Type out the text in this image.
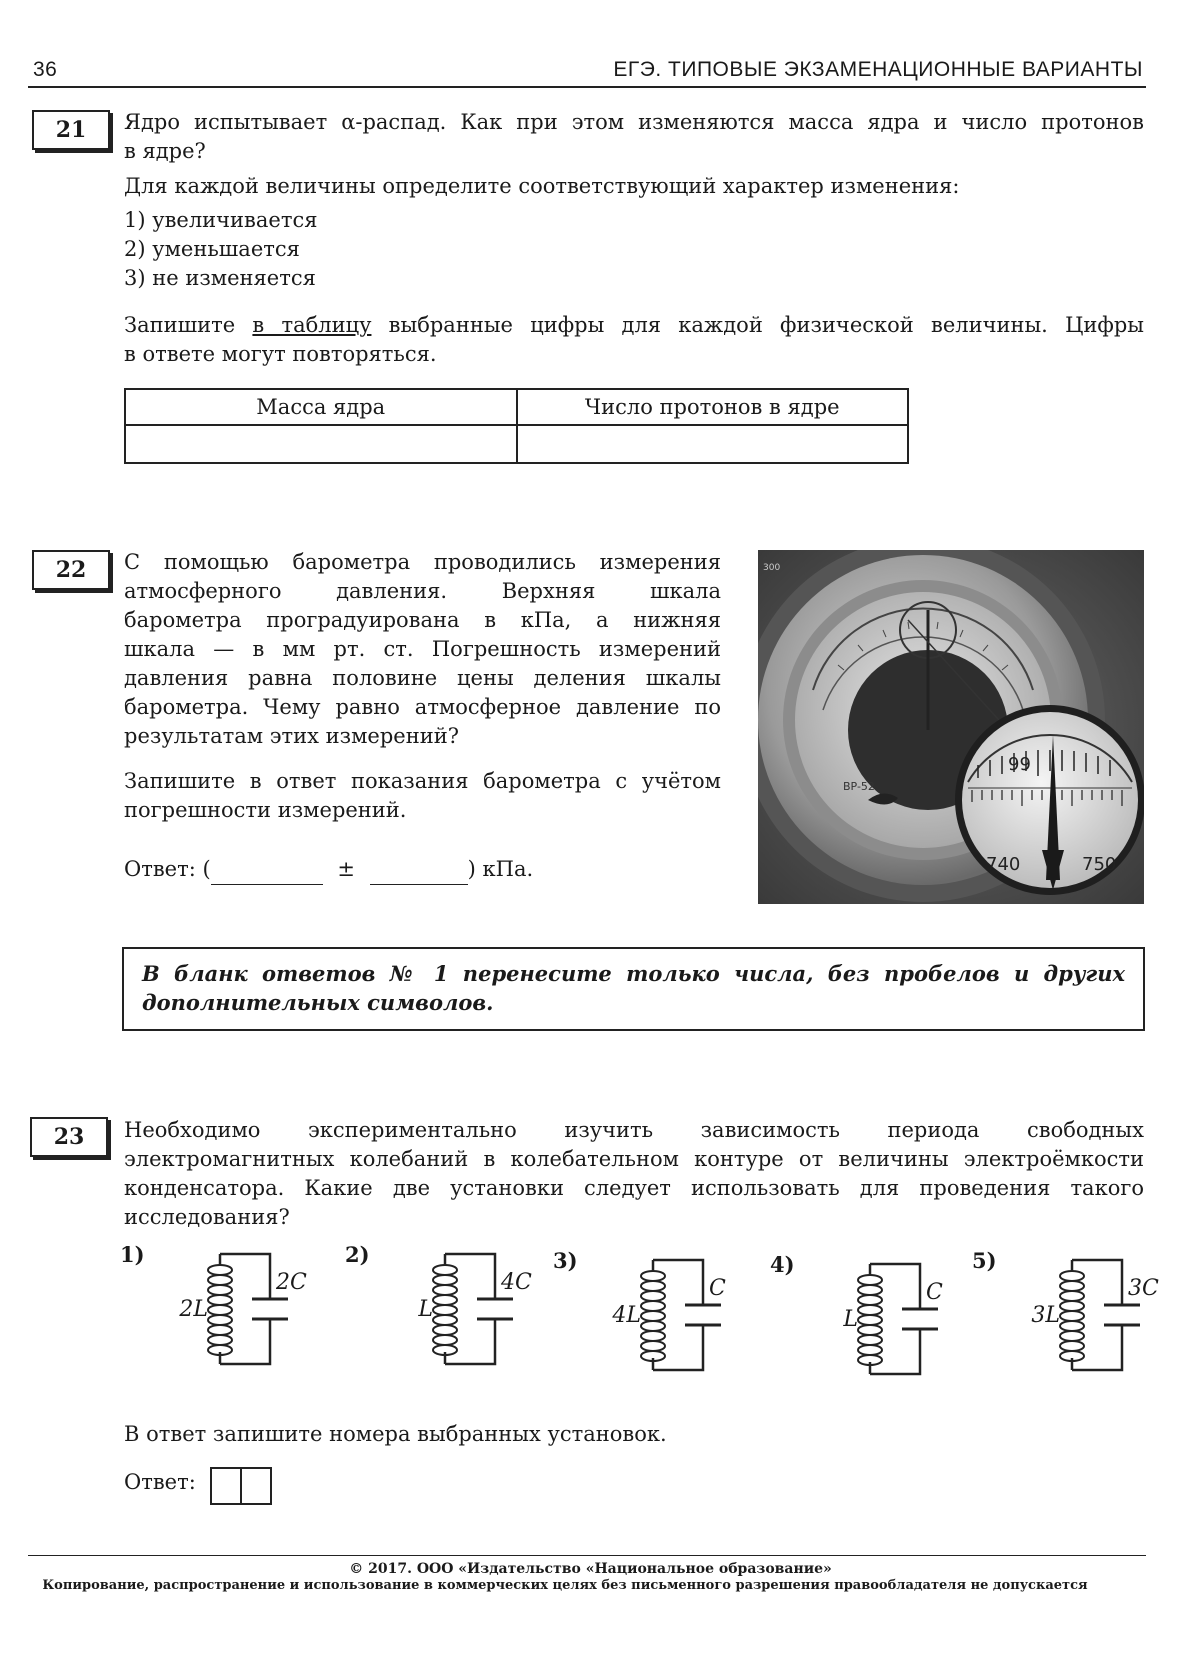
36	ЕГЭ. ТИПОВЫЕ ЭКЗАМЕНАЦИОННЫЕ ВАРИАНТЫ
21	Ядро испытывает α-распад. Как при этом изменяются масса ядра и число протонов
в ядре?
Для каждой величины определите соответствующий характер изменения:
1) увеличивается
2) уменьшается
3) не изменяется
Запишите в таблицу выбранные цифры для каждой физической величины. Цифры
в ответе могут повторяться.
Масса ядра	Число протонов в ядре

22	С помощью барометра проводились измерения
атмосферного давления. Верхняя шкала
барометра проградуирована в кПа, а нижняя
шкала — в мм рт. ст. Погрешность измерений
давления равна половине цены деления шкалы
барометра. Чему равно атмосферное давление по
результатам этих измерений?
Запишите в ответ показания барометра с учётом
погрешности измерений.
Ответ: (	±	) кПа.
BP-52
300
99
740	750
В бланк ответов № 1 перенесите только числа, без пробелов и других
дополнительных символов.
23	Необходимо экспериментально изучить зависимость периода свободных
электромагнитных колебаний в колебательном контуре от величины электроёмкости
конденсатора. Какие две установки следует использовать для проведения такого
исследования?
1)
2L
2C
2)
L
4C
3)
4L
C
4)
L
C
5)
3L
3C
В ответ запишите номера выбранных установок.
Ответ:
© 2017. ООО «Издательство «Национальное образование»
Копирование, распространение и использование в коммерческих целях без письменного разрешения правообладателя не допускается
